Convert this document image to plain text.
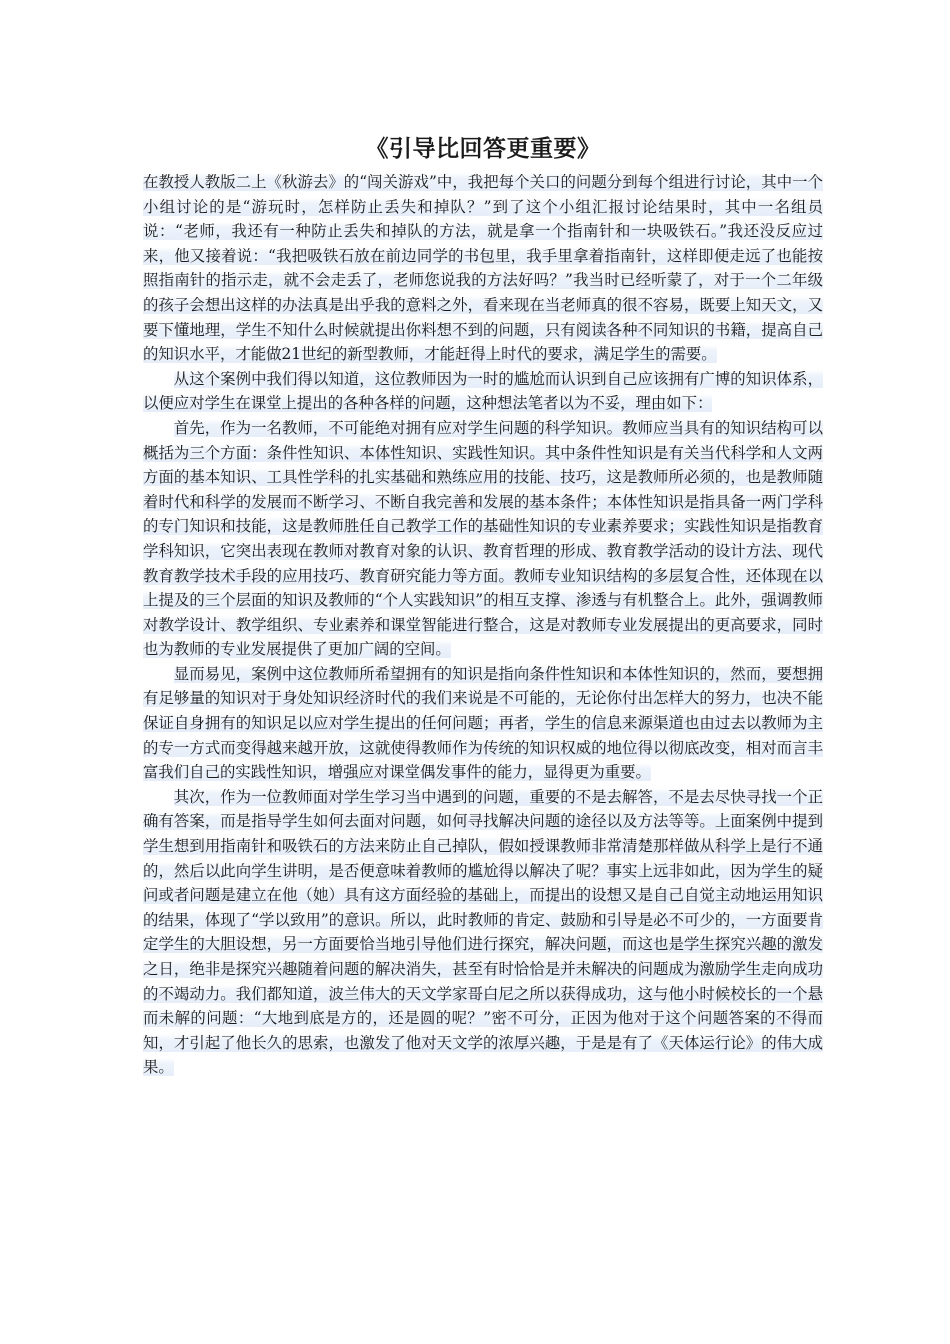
《引导比回答更重要》

在教授人教版二上《秋游去》的“闯关游戏”中，我把每个关口的问题分到每个组进行讨论，其中一个小组讨论的是“游玩时，怎样防止丢失和掉队？”到了这个小组汇报讨论结果时，其中一名组员说：“老师，我还有一种防止丢失和掉队的方法，就是拿一个指南针和一块吸铁石。”我还没反应过来，他又接着说：“我把吸铁石放在前边同学的书包里，我手里拿着指南针，这样即便走远了也能按照指南针的指示走，就不会走丢了，老师您说我的方法好吗？”我当时已经听蒙了，对于一个二年级的孩子会想出这样的办法真是出乎我的意料之外，看来现在当老师真的很不容易，既要上知天文，又要下懂地理，学生不知什么时候就提出你料想不到的问题，只有阅读各种不同知识的书籍，提高自己的知识水平，才能做21世纪的新型教师，才能赶得上时代的要求，满足学生的需要。

从这个案例中我们得以知道，这位教师因为一时的尴尬而认识到自己应该拥有广博的知识体系，以便应对学生在课堂上提出的各种各样的问题，这种想法笔者以为不妥，理由如下：

首先，作为一名教师，不可能绝对拥有应对学生问题的科学知识。教师应当具有的知识结构可以概括为三个方面：条件性知识、本体性知识、实践性知识。其中条件性知识是有关当代科学和人文两方面的基本知识、工具性学科的扎实基础和熟练应用的技能、技巧，这是教师所必须的，也是教师随着时代和科学的发展而不断学习、不断自我完善和发展的基本条件；本体性知识是指具备一两门学科的专门知识和技能，这是教师胜任自己教学工作的基础性知识的专业素养要求；实践性知识是指教育学科知识，它突出表现在教师对教育对象的认识、教育哲理的形成、教育教学活动的设计方法、现代教育教学技术手段的应用技巧、教育研究能力等方面。教师专业知识结构的多层复合性，还体现在以上提及的三个层面的知识及教师的“个人实践知识”的相互支撑、渗透与有机整合上。此外，强调教师对教学设计、教学组织、专业素养和课堂智能进行整合，这是对教师专业发展提出的更高要求，同时也为教师的专业发展提供了更加广阔的空间。

显而易见，案例中这位教师所希望拥有的知识是指向条件性知识和本体性知识的，然而，要想拥有足够量的知识对于身处知识经济时代的我们来说是不可能的，无论你付出怎样大的努力，也决不能保证自身拥有的知识足以应对学生提出的任何问题；再者，学生的信息来源渠道也由过去以教师为主的专一方式而变得越来越开放，这就使得教师作为传统的知识权威的地位得以彻底改变，相对而言丰富我们自己的实践性知识，增强应对课堂偶发事件的能力，显得更为重要。

其次，作为一位教师面对学生学习当中遇到的问题，重要的不是去解答，不是去尽快寻找一个正确有答案，而是指导学生如何去面对问题，如何寻找解决问题的途径以及方法等等。上面案例中提到学生想到用指南针和吸铁石的方法来防止自己掉队，假如授课教师非常清楚那样做从科学上是行不通的，然后以此向学生讲明，是否便意味着教师的尴尬得以解决了呢？事实上远非如此，因为学生的疑问或者问题是建立在他（她）具有这方面经验的基础上，而提出的设想又是自己自觉主动地运用知识的结果，体现了“学以致用”的意识。所以，此时教师的肯定、鼓励和引导是必不可少的，一方面要肯定学生的大胆设想，另一方面要恰当地引导他们进行探究，解决问题，而这也是学生探究兴趣的激发之日，绝非是探究兴趣随着问题的解决消失，甚至有时恰恰是并未解决的问题成为激励学生走向成功的不竭动力。我们都知道，波兰伟大的天文学家哥白尼之所以获得成功，这与他小时候校长的一个悬而未解的问题：“大地到底是方的，还是圆的呢？”密不可分，正因为他对于这个问题答案的不得而知，才引起了他长久的思索，也激发了他对天文学的浓厚兴趣，于是是有了《天体运行论》的伟大成果。
